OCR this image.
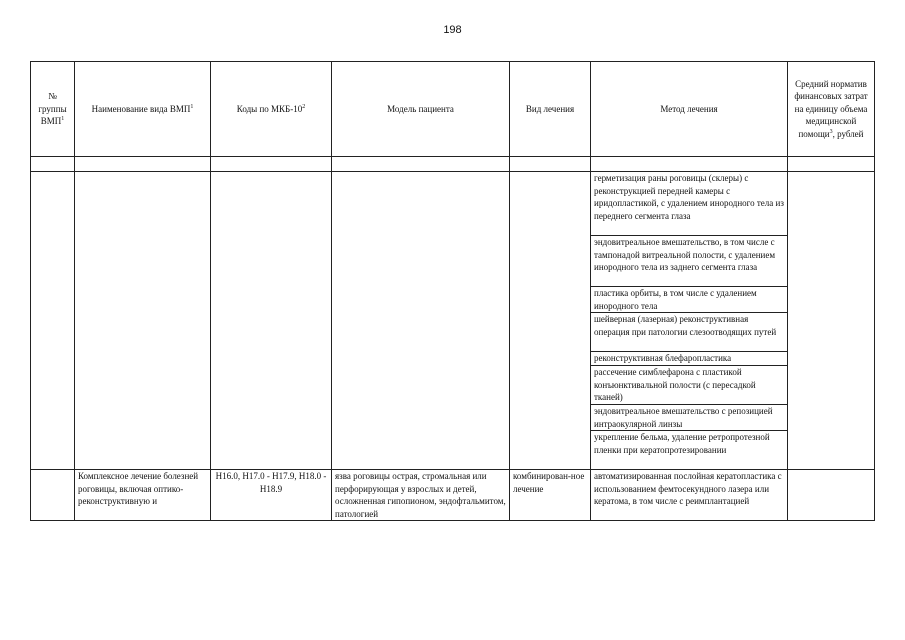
198
№ группы ВМП$^1$	Наименование вида ВМП$^1$	Коды по МКБ-$10^2$	Модель пациента	Вид лечения	Метод лечения	Средний норматив финансовых затрат на единицу объема медицинской помощи$^3$, рублей

					герметизация раны роговицы (склеры) с реконструкцией передней камеры с иридопластикой, с удалением инородного тела из переднего сегмента глаза	
					эндовитреальное вмешательство, в том числе с тампонадой витреальной полости, с удалением инородного тела из заднего сегмента глаза	
					пластика орбиты, в том числе с удалением инородного тела	
					шейверная (лазерная) реконструктивная операция при патологии слезоотводящих путей	
					реконструктивная блефаропластика	
					рассечение симблефарона с пластикой конъюнктивальной полости (с пересадкой тканей)	
					эндовитреальное вмешательство с репозицией интраокулярной линзы	
					укрепление бельма, удаление ретропротезной пленки при кератопротезировании	
	Комплексное лечение болезней роговицы, включая оптико-реконструктивную и	H16.0, H17.0 - H17.9, H18.0 - H18.9	язва роговицы острая, стромальная или перфорирующая у взрослых и детей, осложненная гипопионом, эндофтальмитом, патологией	комбинирован-ное лечение	автоматизированная послойная кератопластика с использованием фемтосекундного лазера или кератома, в том числе с реимплантацией	
